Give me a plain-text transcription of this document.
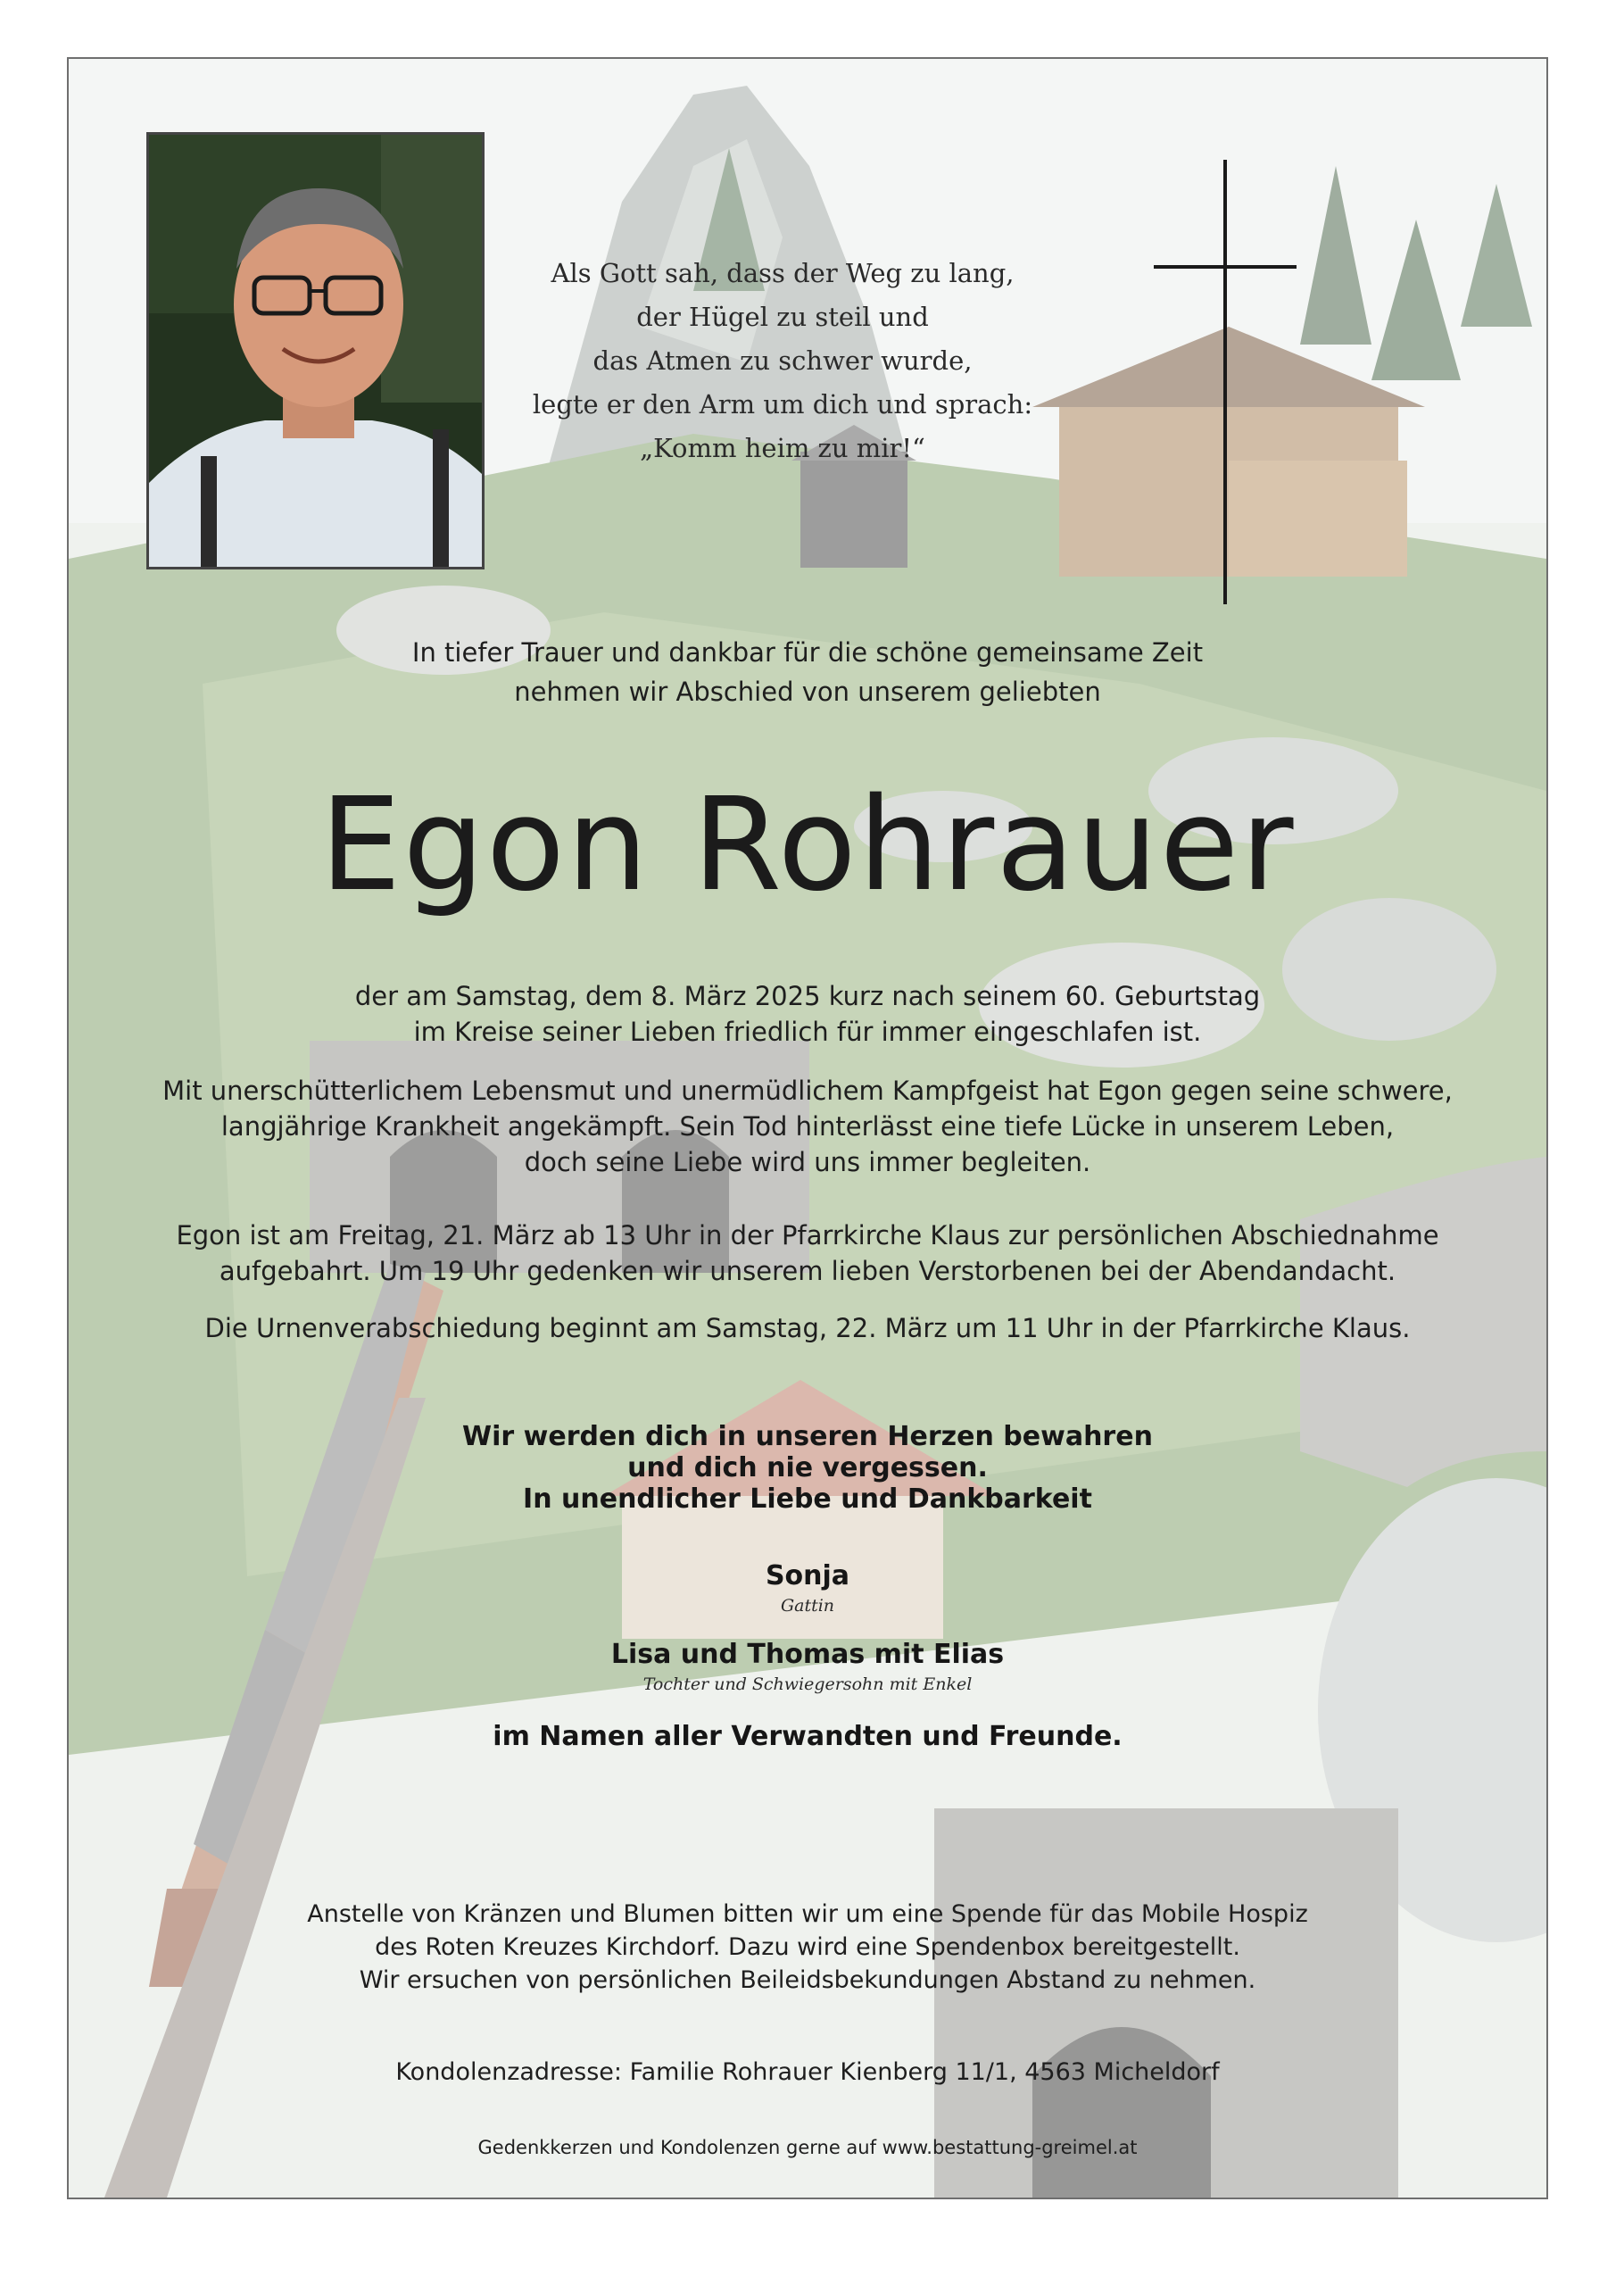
Als Gott sah, dass der Weg zu lang,
der Hügel zu steil und
das Atmen zu schwer wurde,
legte er den Arm um dich und sprach:
„Komm heim zu mir!“
In tiefer Trauer und dankbar für die schöne gemeinsame Zeit
nehmen wir Abschied von unserem geliebten
Egon Rohrauer
der am Samstag, dem 8. März 2025 kurz nach seinem 60. Geburtstag
im Kreise seiner Lieben friedlich für immer eingeschlafen ist.
Mit unerschütterlichem Lebensmut und unermüdlichem Kampfgeist hat Egon gegen seine schwere,
langjährige Krankheit angekämpft. Sein Tod hinterlässt eine tiefe Lücke in unserem Leben,
doch seine Liebe wird uns immer begleiten.
Egon ist am Freitag, 21. März ab 13 Uhr in der Pfarrkirche Klaus zur persönlichen Abschiednahme
aufgebahrt. Um 19 Uhr gedenken wir unserem lieben Verstorbenen bei der Abendandacht.
Die Urnenverabschiedung beginnt am Samstag, 22. März um 11 Uhr in der Pfarrkirche Klaus.
Wir werden dich in unseren Herzen bewahren
und dich nie vergessen.
In unendlicher Liebe und Dankbarkeit
Sonja
Gattin
Lisa und Thomas mit Elias
Tochter und Schwiegersohn mit Enkel
im Namen aller Verwandten und Freunde.
Anstelle von Kränzen und Blumen bitten wir um eine Spende für das Mobile Hospiz
des Roten Kreuzes Kirchdorf. Dazu wird eine Spendenbox bereitgestellt.
Wir ersuchen von persönlichen Beileidsbekundungen Abstand zu nehmen.
Kondolenzadresse: Familie Rohrauer Kienberg 11/1, 4563 Micheldorf
Gedenkkerzen und Kondolenzen gerne auf www.bestattung-greimel.at
